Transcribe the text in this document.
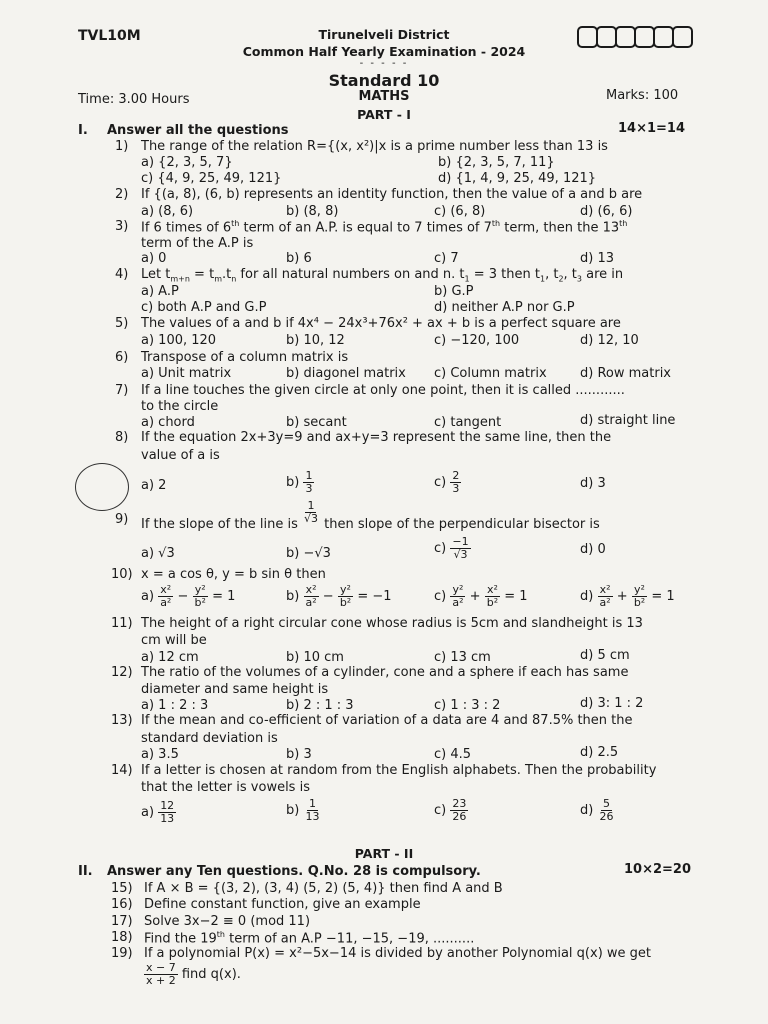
TVL10M	Tirunelveli District
Common Half Yearly Examination - 2024
- - - - -
Standard 10
MATHS
Time: 3.00 Hours	Marks: 100
PART - I
I. Answer all the questions	14×1=14
1) The range of the relation R={(x, x²)|x is a prime number less than 13 is
a) {2, 3, 5, 7}	b) {2, 3, 5, 7, 11}
c) {4, 9, 25, 49, 121}	d) {1, 4, 9, 25, 49, 121}
2) If {(a, 8), (6, b) represents an identity function, then the value of a and b are
a) (8, 6)	b) (8, 8)	c) (6, 8)	d) (6, 6)
3) If 6 times of 6th term of an A.P. is equal to 7 times of 7th term, then the 13th
term of the A.P is
a) 0	b) 6	c) 7	d) 13
4) Let $t_{m+n} = t_m.t_n$ for all natural numbers on and n. $t_1 = 3$ then $t_1$, $t_2$, $t_3$ are in
a) A.P	b) G.P
c) both A.P and G.P	d) neither A.P nor G.P
5) The values of a and b if 4x⁴ − 24x³+76x² + ax + b is a perfect square are
a) 100, 120	b) 10, 12	c) −120, 100	d) 12, 10
6) Transpose of a column matrix is
a) Unit matrix	b) diagonel matrix c) Column matrix	d) Row matrix
7) If a line touches the given circle at only one point, then it is called ............
to the circle
a) chord	b) secant	c) tangent	d) straight line
8) If the equation 2x+3y=9 and ax+y=3 represent the same line, then the
value of a is
a) 2	$b) \frac{1}{3}$	$c) \frac{2}{3}$	d) 3
9) If the slope of the line is $\frac{1}{√3}$ then slope of the perpendicular bisector is
a) √3	b) −√3	$c) \frac{-1}{√3}$	d) 0
10) x = a cos θ, y = b sin θ then
$a) \frac{\text{x²}}{\text{a²}} - \frac{\text{y²}}{\text{b²}} = 1$	$b) \frac{\text{x²}}{\text{a²}} - \frac{\text{y²}}{\text{b²}} = -1$	$c) \frac{\text{y²}}{\text{a²}} + \frac{\text{x²}}{\text{b²}} = 1$	$d) \frac{\text{x²}}{\text{a²}} + \frac{\text{y²}}{\text{b²}} = 1$
11) The height of a right circular cone whose radius is 5cm and slandheight is 13
cm will be
a) 12 cm	b) 10 cm	c) 13 cm	d) 5 cm
12) The ratio of the volumes of a cylinder, cone and a sphere if each has same
diameter and same height is
a) 1 : 2 : 3	b) 2 : 1 : 3	c) 1 : 3 : 2	d) 3: 1 : 2
13) If the mean and co-efficient of variation of a data are 4 and 87.5% then the
standard deviation is
a) 3.5	b) 3	c) 4.5	d) 2.5
14) If a letter is chosen at random from the English alphabets. Then the probability
that the letter is vowels is
$a) \frac{12}{13}$	$b) \frac{1}{13}$	$c) \frac{23}{26}$	$d) \frac{5}{26}$
PART - II
II. Answer any Ten questions. Q.No. 28 is compulsory.	10×2=20
15) If A × B = {(3, 2), (3, 4) (5, 2) (5, 4)} then find A and B
16) Define constant function, give an example
17) Solve 3x−2 ≡ 0 (mod 11)
18) Find the 19th term of an A.P −11, −15, −19, ..........
19) If a polynomial P(x) = x²−5x−14 is divided by another Polynomial q(x) we get
$\frac{x - 7}{x + 2}$ find q(x).
